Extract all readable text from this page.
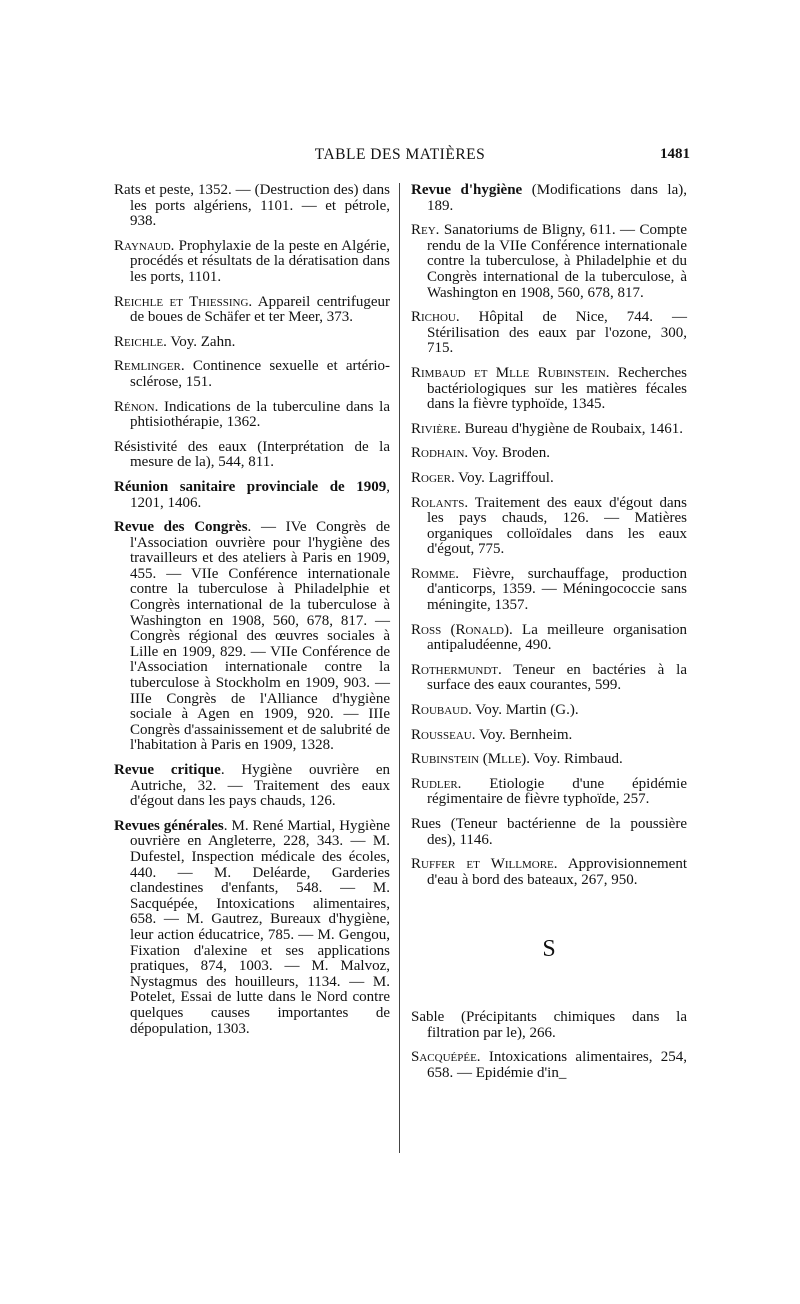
TABLE DES MATIÈRES	1481
Rats et peste, 1352. — (Destruction des) dans les ports algériens, 1101. — et pétrole, 938.
Raynaud. Prophylaxie de la peste en Algérie, procédés et résultats de la dératisation dans les ports, 1101.
Reichle et Thiessing. Appareil centrifugeur de boues de Schäfer et ter Meer, 373.
Reichle. Voy. Zahn.
Remlinger. Continence sexuelle et artério-sclérose, 151.
Rénon. Indications de la tuberculine dans la phtisiothérapie, 1362.
Résistivité des eaux (Interprétation de la mesure de la), 544, 811.
Réunion sanitaire provinciale de 1909, 1201, 1406.
Revue des Congrès. — IVe Congrès de l'Association ouvrière pour l'hygiène des travailleurs et des ateliers à Paris en 1909, 455. — VIIe Conférence internationale contre la tuberculose à Philadelphie et Congrès international de la tuberculose à Washington en 1908, 560, 678, 817. — Congrès régional des œuvres sociales à Lille en 1909, 829. — VIIe Conférence de l'Association internationale contre la tuberculose à Stockholm en 1909, 903. — IIIe Congrès de l'Alliance d'hygiène sociale à Agen en 1909, 920. — IIIe Congrès d'assainissement et de salubrité de l'habitation à Paris en 1909, 1328.
Revue critique. Hygiène ouvrière en Autriche, 32. — Traitement des eaux d'égout dans les pays chauds, 126.
Revues générales. M. René Martial, Hygiène ouvrière en Angleterre, 228, 343. — M. Dufestel, Inspection médicale des écoles, 440. — M. Deléarde, Garderies clandestines d'enfants, 548. — M. Sacquépée, Intoxications alimentaires, 658. — M. Gautrez, Bureaux d'hygiène, leur action éducatrice, 785. — M. Gengou, Fixation d'alexine et ses applications pratiques, 874, 1003. — M. Malvoz, Nystagmus des houilleurs, 1134. — M. Potelet, Essai de lutte dans le Nord contre quelques causes importantes de dépopulation, 1303.
Revue d'hygiène (Modifications dans la), 189.
Rey. Sanatoriums de Bligny, 611. — Compte rendu de la VIIe Conférence internationale contre la tuberculose, à Philadelphie et du Congrès international de la tuberculose, à Washington en 1908, 560, 678, 817.
Richou. Hôpital de Nice, 744. — Stérilisation des eaux par l'ozone, 300, 715.
Rimbaud et Mlle Rubinstein. Recherches bactériologiques sur les matières fécales dans la fièvre typhoïde, 1345.
Rivière. Bureau d'hygiène de Roubaix, 1461.
Rodhain. Voy. Broden.
Roger. Voy. Lagriffoul.
Rolants. Traitement des eaux d'égout dans les pays chauds, 126. — Matières organiques colloïdales dans les eaux d'égout, 775.
Romme. Fièvre, surchauffage, production d'anticorps, 1359. — Méningococcie sans méningite, 1357.
Ross (Ronald). La meilleure organisation antipaludéenne, 490.
Rothermundt. Teneur en bactéries à la surface des eaux courantes, 599.
Roubaud. Voy. Martin (G.).
Rousseau. Voy. Bernheim.
Rubinstein (Mlle). Voy. Rimbaud.
Rudler. Etiologie d'une épidémie régimentaire de fièvre typhoïde, 257.
Rues (Teneur bactérienne de la poussière des), 1146.
Ruffer et Willmore. Approvisionnement d'eau à bord des bateaux, 267, 950.
S
Sable (Précipitants chimiques dans la filtration par le), 266.
Sacquépée. Intoxications alimentaires, 254, 658. — Epidémie d'in_
